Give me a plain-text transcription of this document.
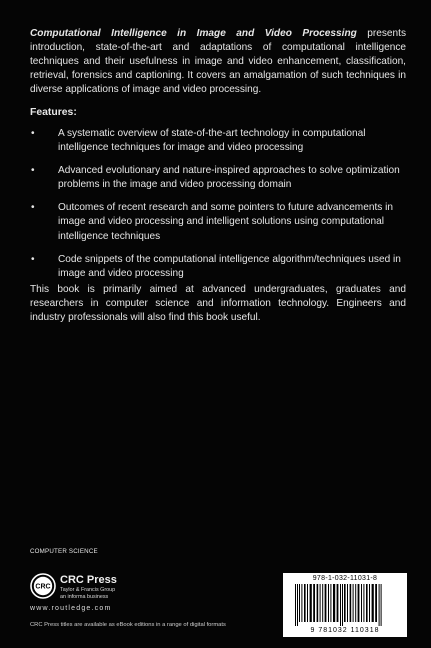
Computational Intelligence in Image and Video Processing presents introduction, state-of-the-art and adaptations of computational intelligence techniques and their usefulness in image and video enhancement, classification, retrieval, forensics and captioning. It covers an amalgamation of such techniques in diverse applications of image and video processing.

Features:

• A systematic overview of state-of-the-art technology in computational intelligence techniques for image and video processing
• Advanced evolutionary and nature-inspired approaches to solve optimization problems in the image and video processing domain
• Outcomes of recent research and some pointers to future advancements in image and video processing and intelligent solutions using computational intelligence techniques
• Code snippets of the computational intelligence algorithm/techniques used in image and video processing

This book is primarily aimed at advanced undergraduates, graduates and researchers in computer science and information technology. Engineers and industry professionals will also find this book useful.

COMPUTER SCIENCE

CRC
CRC Press
Taylor & Francis Group
an informa business
www.routledge.com
CRC Press titles are available as eBook editions in a range of digital formats
978-1-032-11031-8
9 781032 110318
